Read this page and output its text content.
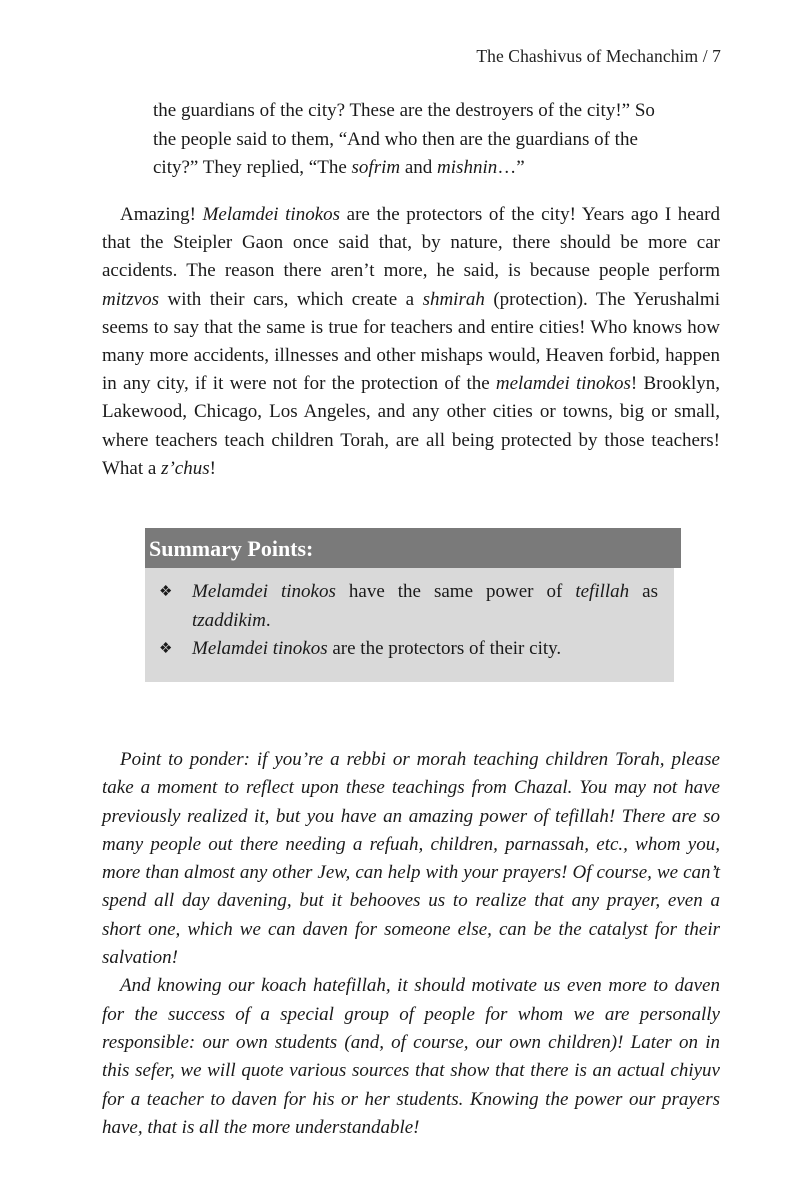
The Chashivus of Mechanchim / 7
the guardians of the city? These are the destroyers of the city!” So
the people said to them, “And who then are the guardians of the
city?” They replied, “The sofrim and mishnin…”
Amazing! Melamdei tinokos are the protectors of the city! Years ago I heard that the Steipler Gaon once said that, by nature, there should be more car accidents. The reason there aren’t more, he said, is because people perform mitzvos with their cars, which create a shmirah (protection). The Yerushalmi seems to say that the same is true for teachers and entire cities! Who knows how many more accidents, illnesses and other mishaps would, Heaven forbid, happen in any city, if it were not for the protection of the melamdei tinokos! Brooklyn, Lakewood, Chicago, Los Angeles, and any other cities or towns, big or small, where teachers teach children Torah, are all being protected by those teachers! What a z’chus!
Summary Points:
❖	Melamdei tinokos have the same power of tefillah as tzaddikim.
❖	Melamdei tinokos are the protectors of their city.

Point to ponder: if you’re a rebbi or morah teaching children Torah, please take a moment to reflect upon these teachings from Chazal. You may not have previously realized it, but you have an amazing power of tefillah! There are so many people out there needing a refuah, children, parnassah, etc., whom you, more than almost any other Jew, can help with your prayers! Of course, we can’t spend all day davening, but it behooves us to realize that any prayer, even a short one, which we can daven for someone else, can be the catalyst for their salvation!

And knowing our koach hatefillah, it should motivate us even more to daven for the success of a special group of people for whom we are personally responsible: our own students (and, of course, our own children)! Later on in this sefer, we will quote various sources that show that there is an actual chiyuv for a teacher to daven for his or her students. Knowing the power our prayers have, that is all the more understandable!
